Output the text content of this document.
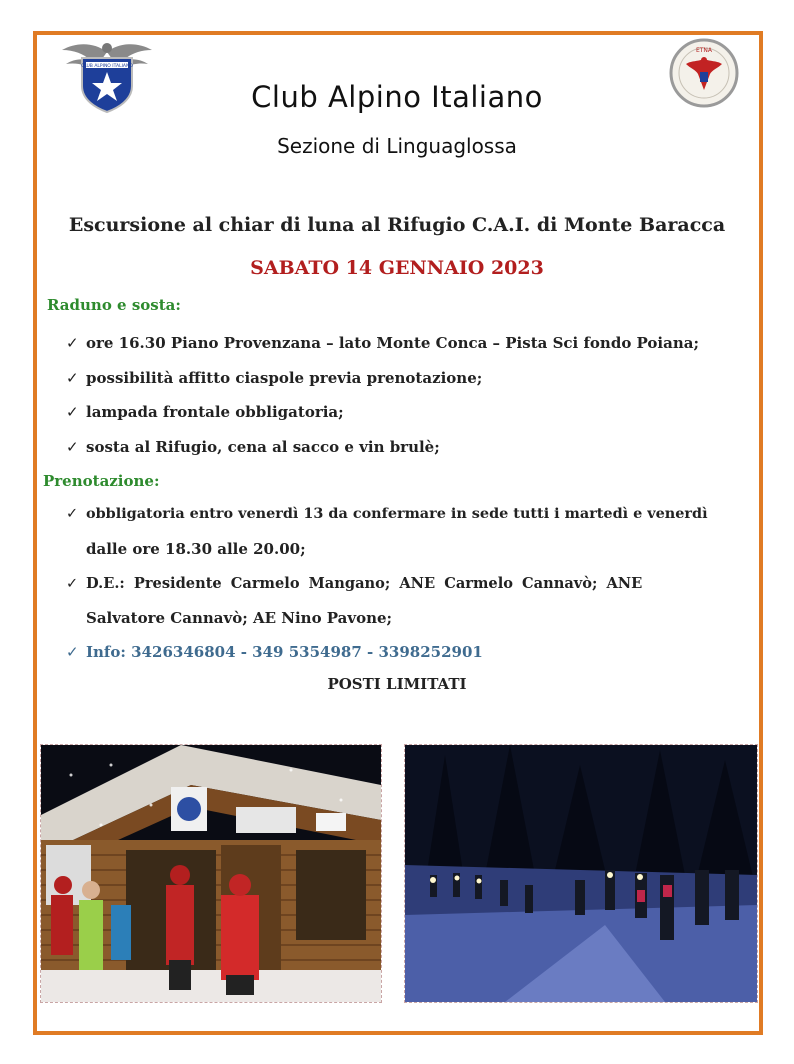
CLUB ALPINO ITALIANO
ETNA
Club Alpino Italiano
Sezione di Linguaglossa
Escursione al chiar di luna al Rifugio C.A.I. di Monte Baracca
SABATO 14 GENNAIO 2023
Raduno e sosta:
✓ ore 16.30 Piano Provenzana – lato Monte Conca – Pista Sci fondo Poiana;
✓ possibilità affitto ciaspole previa prenotazione;
✓ lampada frontale obbligatoria;
✓ sosta al Rifugio, cena al sacco e vin brulè;
Prenotazione:
✓ obbligatoria entro venerdì 13 da confermare in sede tutti i martedì e venerdì
dalle ore 18.30 alle 20.00;
✓ D.E.: Presidente Carmelo Mangano; ANE Carmelo Cannavò; ANE
Salvatore Cannavò; AE Nino Pavone;
✓ Info: 3426346804 - 349 5354987 - 3398252901
POSTI LIMITATI
